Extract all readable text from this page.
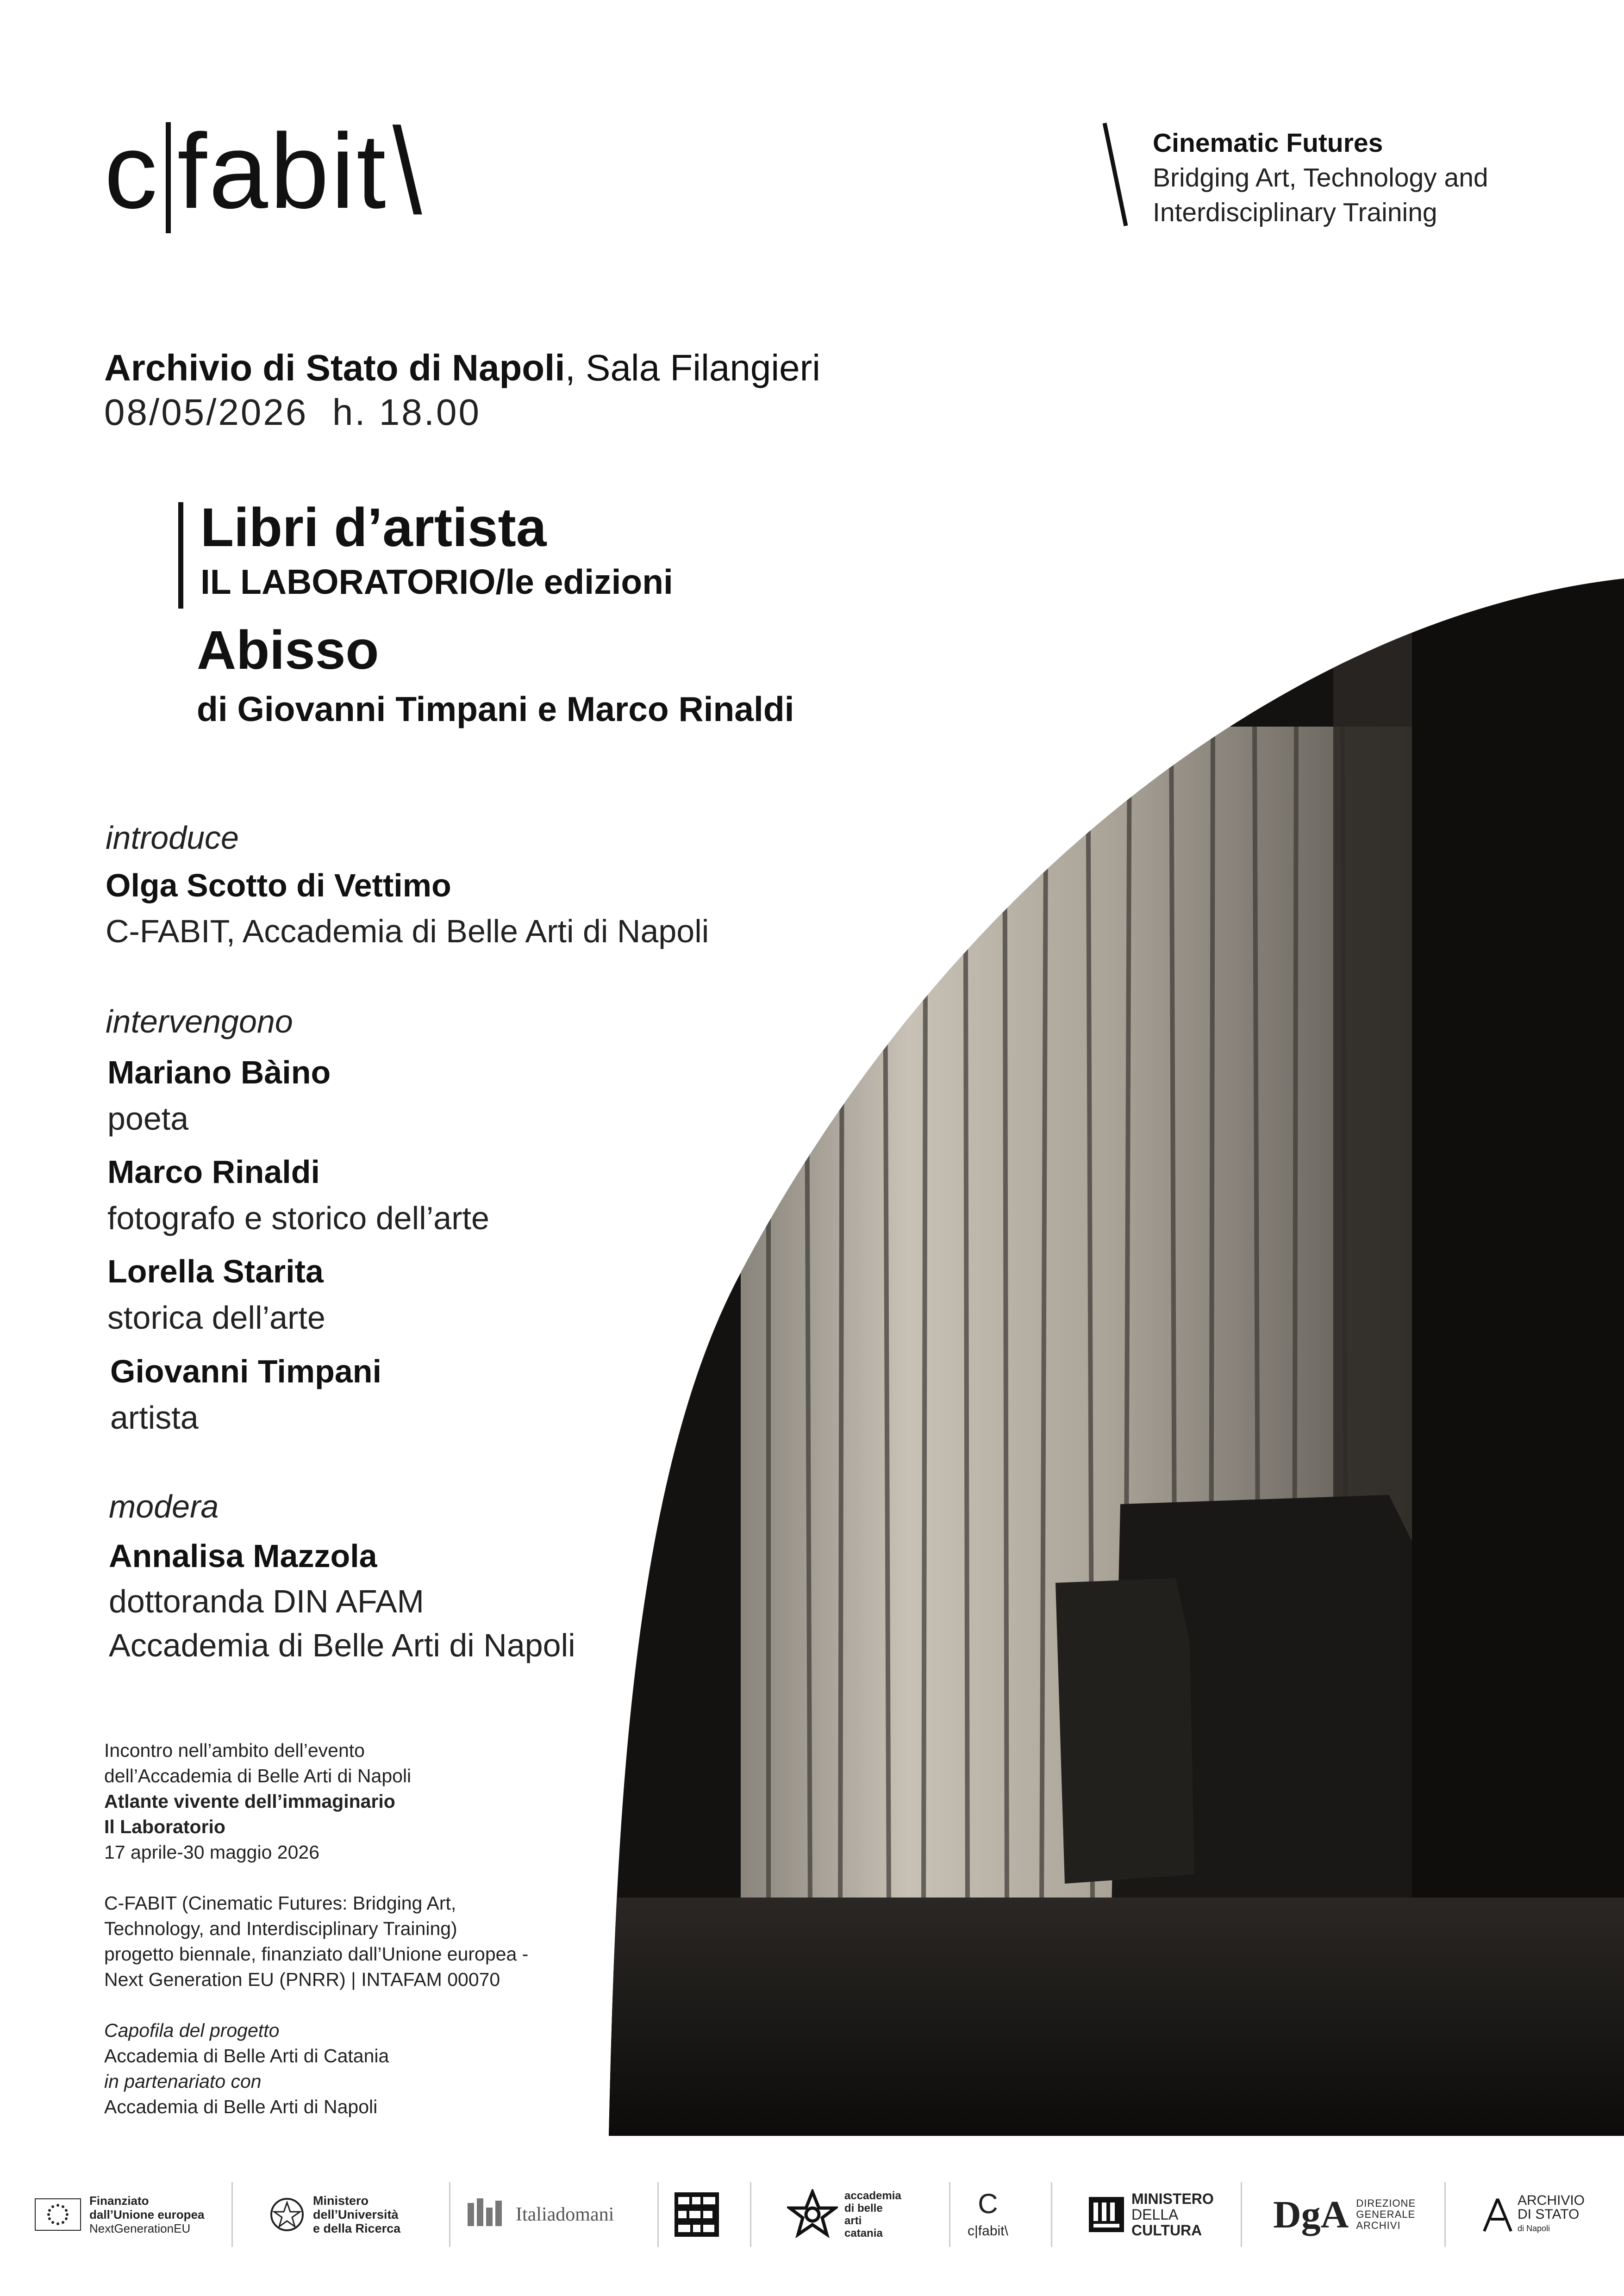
c fabit\	Cinematic Futures
Bridging Art, Technology and
Interdisciplinary Training
Archivio di Stato di Napoli, Sala Filangieri
08/05/2026  h. 18.00
Libri d’artista
IL LABORATORIO/le edizioni
Abisso
di Giovanni Timpani e Marco Rinaldi
introduce
Olga Scotto di Vettimo
C-FABIT, Accademia di Belle Arti di Napoli
intervengono
Mariano Bàino
poeta
Marco Rinaldi
fotografo e storico dell’arte
Lorella Starita
storica dell’arte
Giovanni Timpani
artista
modera
Annalisa Mazzola
dottoranda DIN AFAM
Accademia di Belle Arti di Napoli

Incontro nell’ambito dell’evento
dell’Accademia di Belle Arti di Napoli
Atlante vivente dell’immaginario
Il Laboratorio
17 aprile-30 maggio 2026

C-FABIT (Cinematic Futures: Bridging Art,
Technology, and Interdisciplinary Training)
progetto biennale, finanziato dall’Unione europea -
Next Generation EU (PNRR) | INTAFAM 00070

Capofila del progetto
Accademia di Belle Arti di Catania
in partenariato con
Accademia di Belle Arti di Napoli

Finanziato
dall’Unione europea
NextGenerationEU
Ministero
dell’Università
e della Ricerca
Italiadomani
accademia
di belle
arti
catania
C
c|fabit\
MINISTERO
DELLA
CULTURA	DgA DIREZIONE
GENERALE
ARCHIVI
ARCHIVIO
DI STATO
di Napoli
